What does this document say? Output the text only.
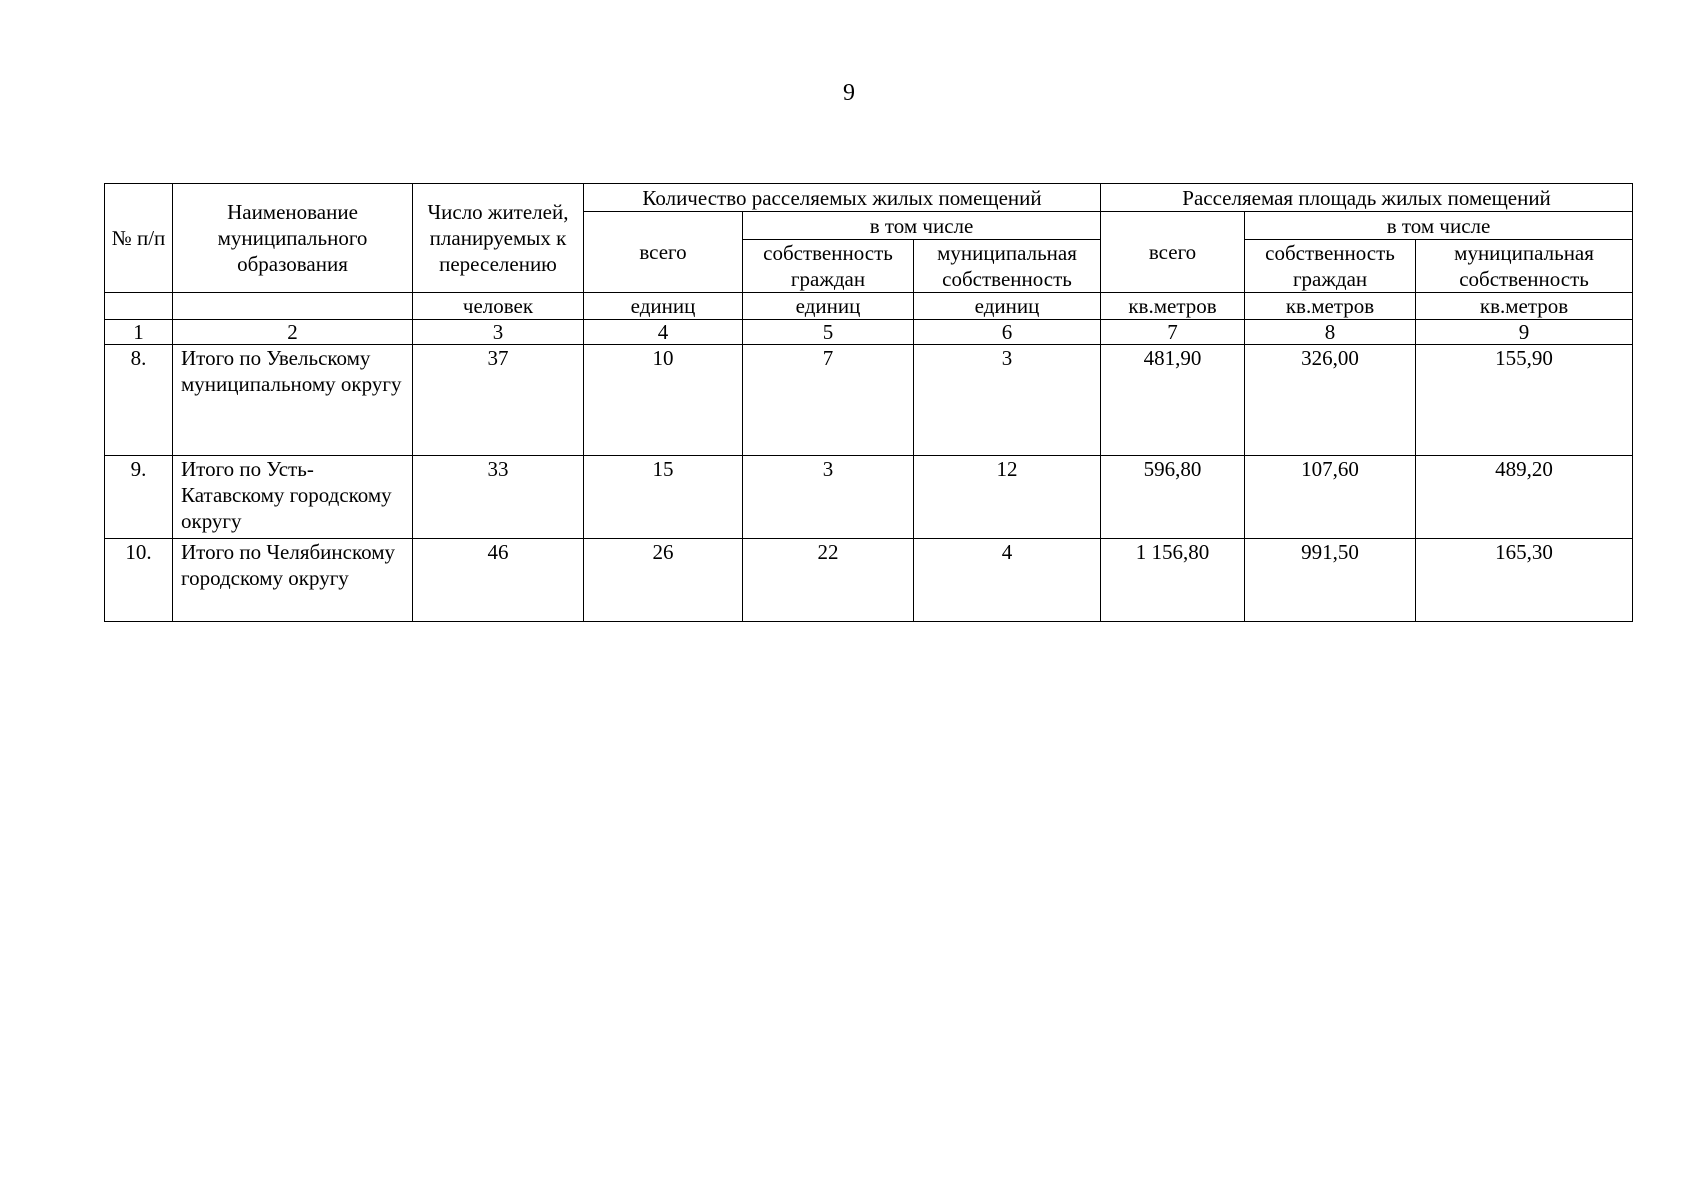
9
№ п/п	Наименование муниципального образования	Число жителей, планируемых к переселению	Количество расселяемых жилых помещений			Расселяемая площадь жилых помещений		
			всего	в том числе		всего	в том числе	
				собственность граждан	муниципальная собственность		собственность граждан	муниципальная собственность

		человек	единиц	единиц	единиц	кв.метров	кв.метров	кв.метров
1	2	3	4	5	6	7	8	9
8.	Итого по Увельскому муниципальному округу	37	10	7	3	481,90	326,00	155,90
9.	Итого по Усть-Катавскому городскому округу	33	15	3	12	596,80	107,60	489,20
10.	Итого по Челябинскому городскому округу	46	26	22	4	1 156,80	991,50	165,30
